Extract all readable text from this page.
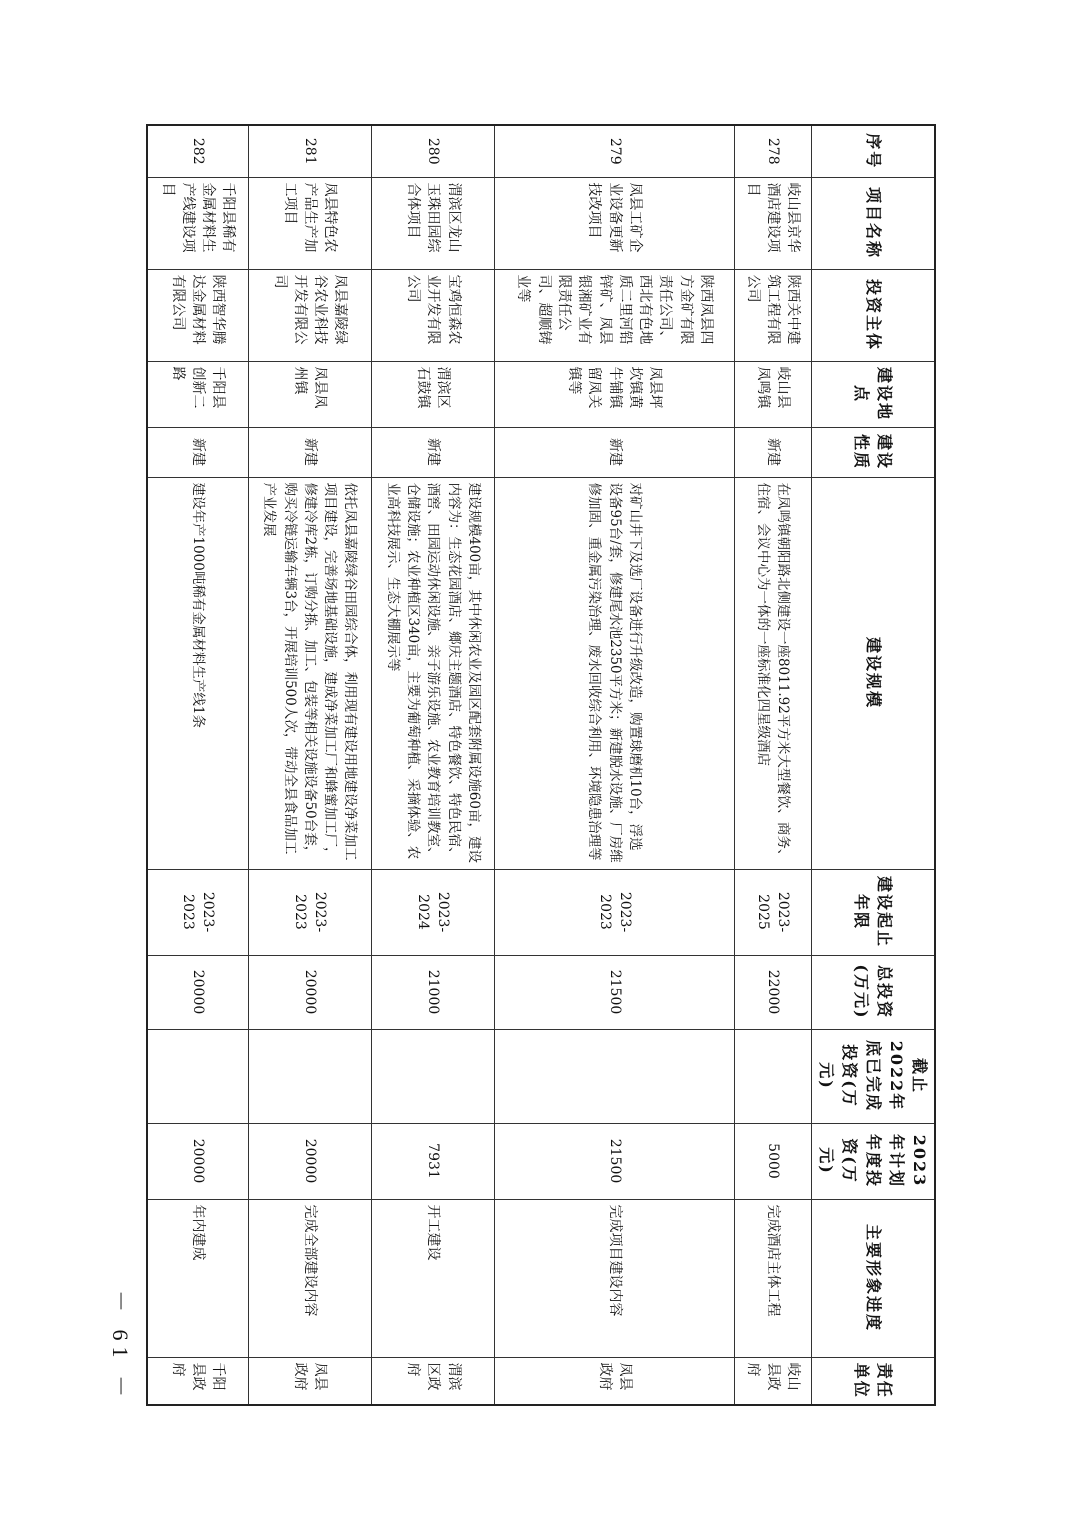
－ 61 －
序号	项目名称	投资主体	建设地点	建设性质	建设规模	建设起止年限	总投资(万元)	截止2022年底已完成投资(万元)	2023年计划年度投资(万元)	主要形象进度	责任单位
278	岐山县京华酒店建设项目	陕西关中建筑工程有限公司	岐山县凤鸣镇	新建	在凤鸣镇朝阳路北侧建设一座8011.92平方米大型餐饮、商务、住宿、会议中心为一体的一座标准化四星级酒店	2023-2025	22000		5000	完成酒店主体工程	岐山县政府
279	凤县工矿企业设备更新技改项目	陕西凤县四方金矿有限责任公司、西北有色地质二里河铅锌矿、凤县银湘矿业有限责任公司、超顺铸业等	凤县坪坎镇黄牛铺镇留凤关镇等	新建	对矿山井下及选厂设备进行升级改造，购置球磨机10台，浮选设备95台/套，修建尾水池2350平方米；新建脱水设施、厂房维修加固、重金属污染治理、废水回收综合利用、环境隐患治理等	2023-2023	21500		21500	完成项目建设内容	凤县政府
280	渭滨区龙山玉珠田园综合体项目	宝鸡恒森农业开发有限公司	渭滨区石鼓镇	新建	建设规模400亩，其中休闲农业及园区配套附属设施60亩，建设内容为：生态花园酒店、鄉庆主题酒店、特色餐饮、特色民宿、酒窖、田园运动休闲设施、亲子游乐设施、农业教育培训教室、仓储设施；农业种植区340亩，主要为葡萄种植、采摘体验、农业高科技展示、生态大棚展示等	2023-2024	21000		7931	开工建设	渭滨区政府
281	凤县特色农产品生产加工项目	凤县嘉陵绿谷农业科技开发有限公司	凤县凤州镇	新建	依托凤县嘉陵绿谷田园综合体，利用现有建设用地建设净菜加工项目建设，完善场地基础设施，建成净菜加工厂和蜂蜜加工厂，修建冷库2栋，订购分拣、加工、包装等相关设施设备50台套，购买冷链运输车辆3台，开展培训500人次，带动全县食品加工产业发展	2023-2023	20000		20000	完成全部建设内容	凤县政府
282	千阳县稀有金属材料生产线建设项目	陕西智华腾达金属材料有限公司	千阳县创新二路	新建	建设年产1000吨稀有金属材料生产线1条	2023-2023	20000		20000	年内建成	千阳县政府
